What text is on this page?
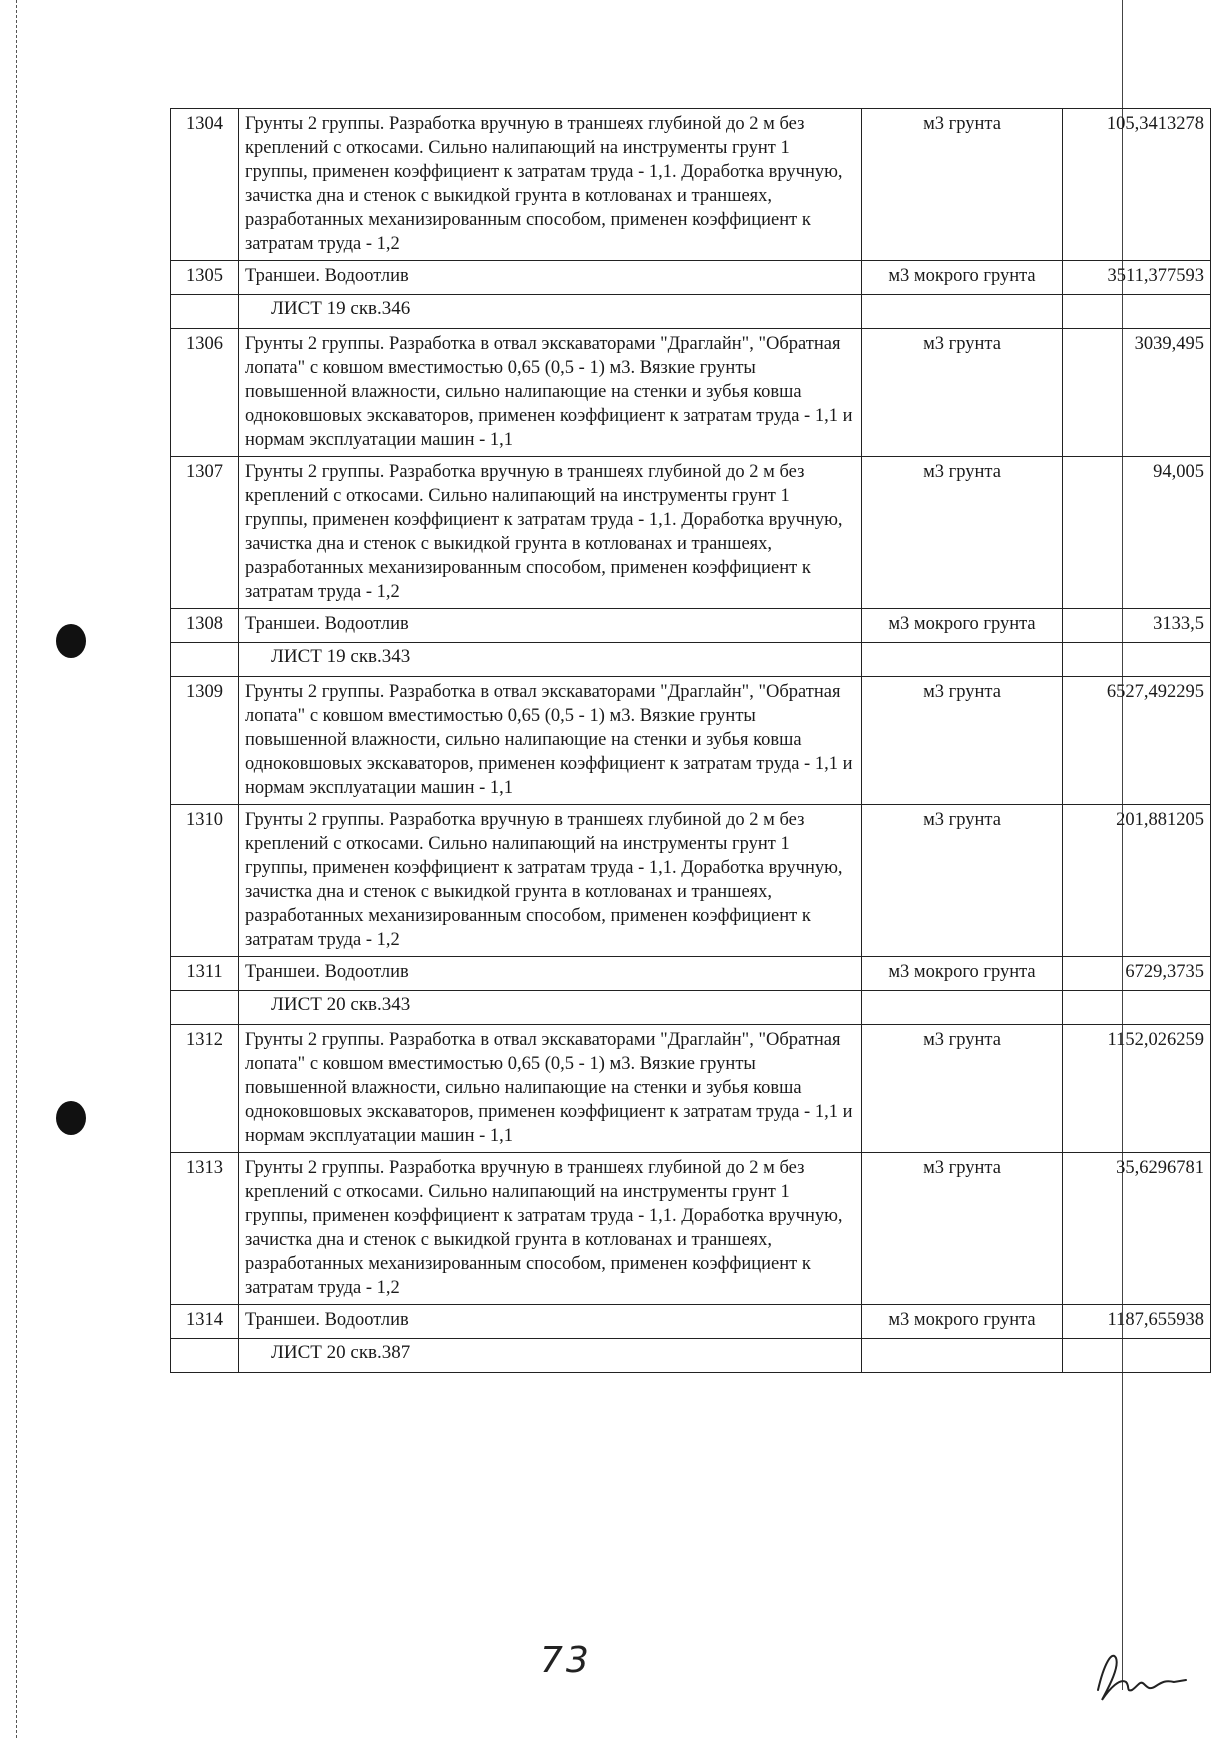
1304	Грунты 2 группы. Разработка вручную в траншеях глубиной до 2 м без креплений с откосами. Сильно налипающий на инструменты грунт 1 группы, применен коэффициент к затратам труда - 1,1. Доработка вручную, зачистка дна и стенок с выкидкой грунта в котлованах и траншеях, разработанных механизированным способом, применен коэффициент к затратам труда - 1,2	м3 грунта	105,3413278
1305	Траншеи. Водоотлив	м3 мокрого грунта	3511,377593
	ЛИСТ 19 скв.346		
1306	Грунты 2 группы. Разработка в отвал экскаваторами "Драглайн", "Обратная лопата" с ковшом вместимостью 0,65 (0,5 - 1) м3. Вязкие грунты повышенной влажности, сильно налипающие на стенки и зубья ковша одноковшовых экскаваторов, применен коэффициент к затратам труда - 1,1 и нормам эксплуатации машин - 1,1	м3 грунта	3039,495
1307	Грунты 2 группы. Разработка вручную в траншеях глубиной до 2 м без креплений с откосами. Сильно налипающий на инструменты грунт 1 группы, применен коэффициент к затратам труда - 1,1. Доработка вручную, зачистка дна и стенок с выкидкой грунта в котлованах и траншеях, разработанных механизированным способом, применен коэффициент к затратам труда - 1,2	м3 грунта	94,005
1308	Траншеи. Водоотлив	м3 мокрого грунта	3133,5
	ЛИСТ 19 скв.343		
1309	Грунты 2 группы. Разработка в отвал экскаваторами "Драглайн", "Обратная лопата" с ковшом вместимостью 0,65 (0,5 - 1) м3. Вязкие грунты повышенной влажности, сильно налипающие на стенки и зубья ковша одноковшовых экскаваторов, применен коэффициент к затратам труда - 1,1 и нормам эксплуатации машин - 1,1	м3 грунта	6527,492295
1310	Грунты 2 группы. Разработка вручную в траншеях глубиной до 2 м без креплений с откосами. Сильно налипающий на инструменты грунт 1 группы, применен коэффициент к затратам труда - 1,1. Доработка вручную, зачистка дна и стенок с выкидкой грунта в котлованах и траншеях, разработанных механизированным способом, применен коэффициент к затратам труда - 1,2	м3 грунта	201,881205
1311	Траншеи. Водоотлив	м3 мокрого грунта	6729,3735
	ЛИСТ 20 скв.343		
1312	Грунты 2 группы. Разработка в отвал экскаваторами "Драглайн", "Обратная лопата" с ковшом вместимостью 0,65 (0,5 - 1) м3. Вязкие грунты повышенной влажности, сильно налипающие на стенки и зубья ковша одноковшовых экскаваторов, применен коэффициент к затратам труда - 1,1 и нормам эксплуатации машин - 1,1	м3 грунта	1152,026259
1313	Грунты 2 группы. Разработка вручную в траншеях глубиной до 2 м без креплений с откосами. Сильно налипающий на инструменты грунт 1 группы, применен коэффициент к затратам труда - 1,1. Доработка вручную, зачистка дна и стенок с выкидкой грунта в котлованах и траншеях, разработанных механизированным способом, применен коэффициент к затратам труда - 1,2	м3 грунта	35,6296781
1314	Траншеи. Водоотлив	м3 мокрого грунта	1187,655938
	ЛИСТ 20 скв.387		
73
